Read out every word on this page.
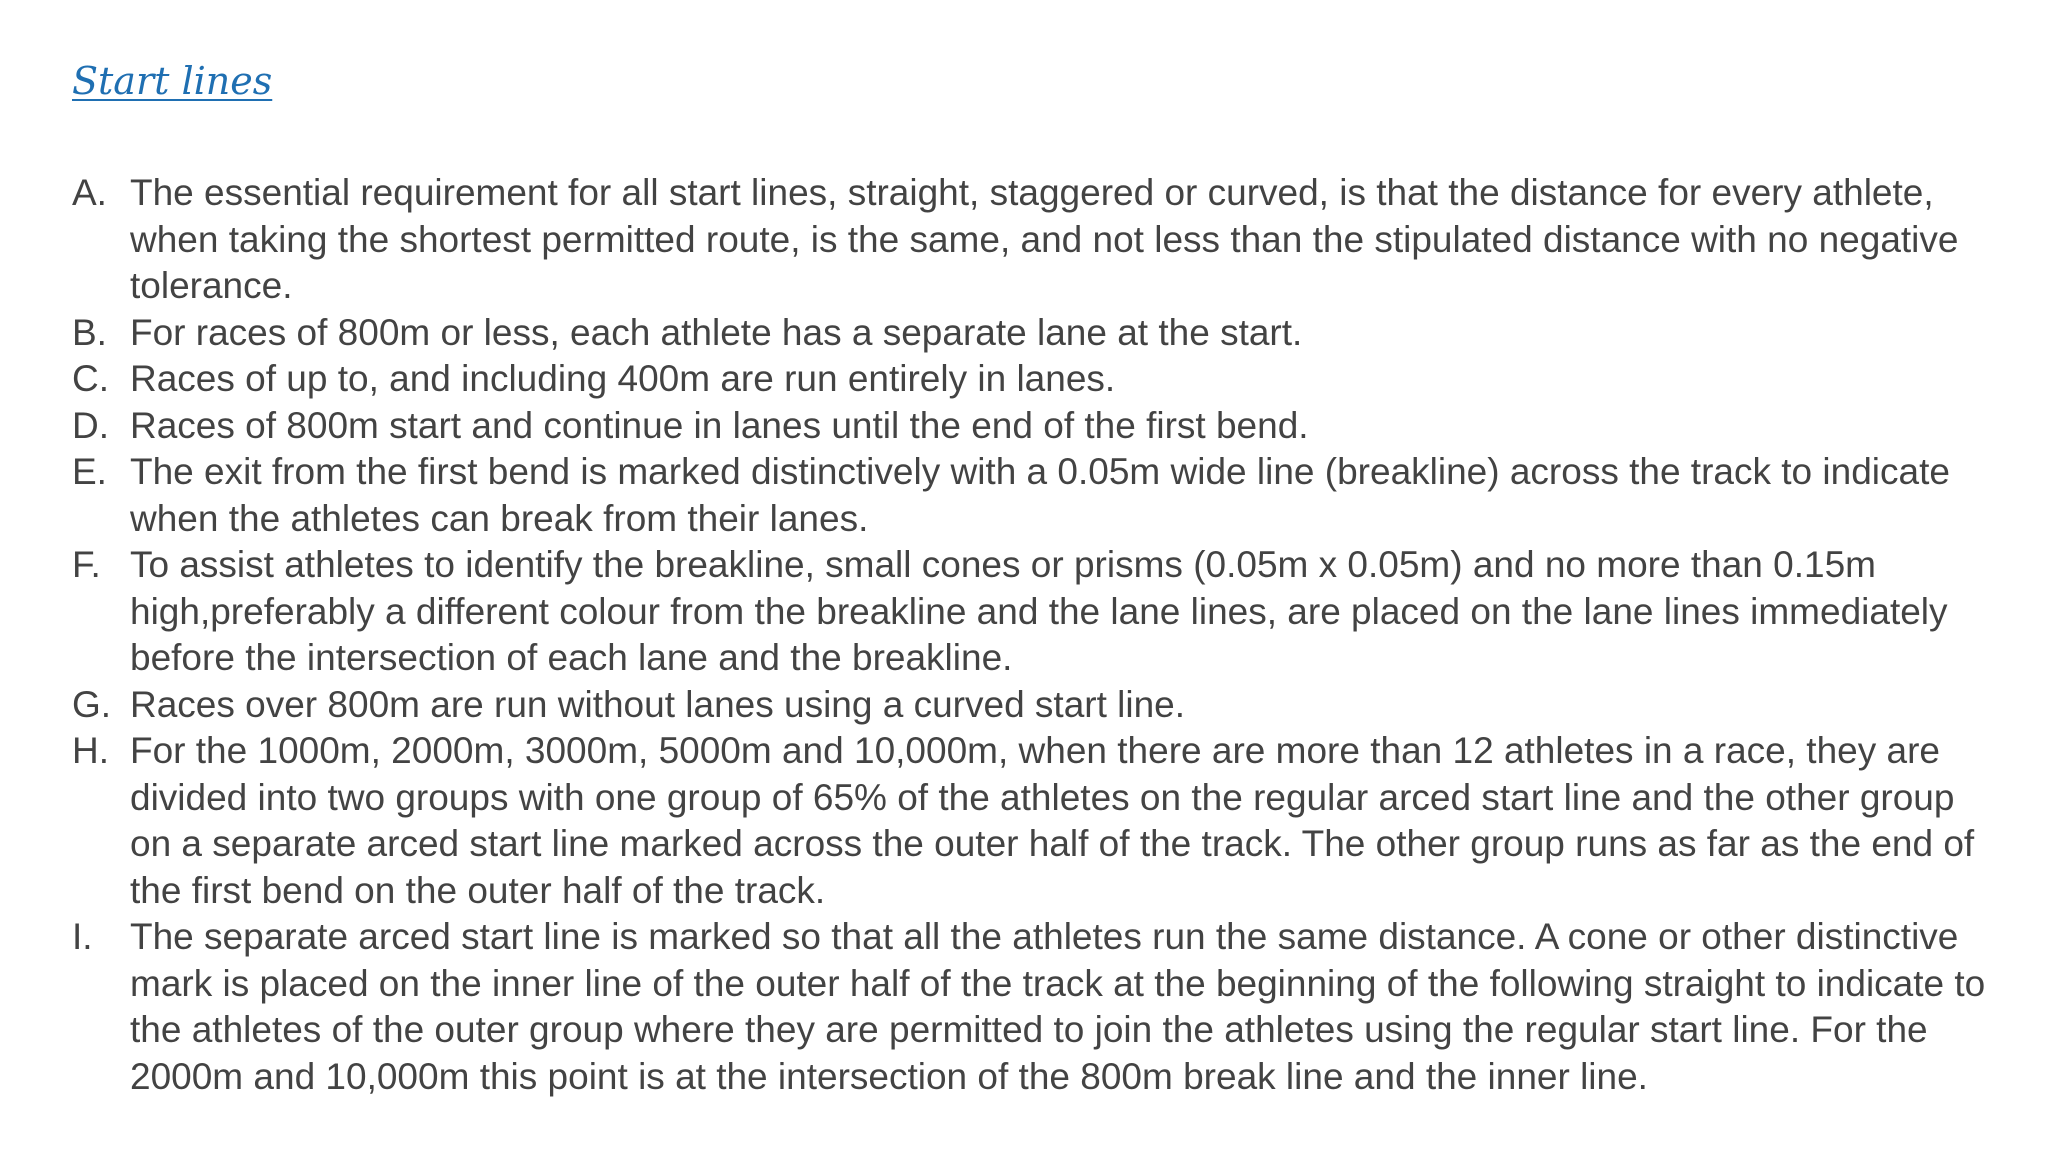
Start lines
A. The essential requirement for all start lines, straight, staggered or curved, is that the distance for every athlete, when taking the shortest permitted route, is the same, and not less than the stipulated distance with no negative tolerance.
B. For races of 800m or less, each athlete has a separate lane at the start.
C. Races of up to, and including 400m are run entirely in lanes.
D. Races of 800m start and continue in lanes until the end of the first bend.
E. The exit from the first bend is marked distinctively with a 0.05m wide line (breakline) across the track to indicate when the athletes can break from their lanes.
F. To assist athletes to identify the breakline, small cones or prisms (0.05m x 0.05m) and no more than 0.15m high,preferably a different colour from the breakline and the lane lines, are placed on the lane lines immediately before the intersection of each lane and the breakline.
G. Races over 800m are run without lanes using a curved start line.
H. For the 1000m, 2000m, 3000m, 5000m and 10,000m, when there are more than 12 athletes in a race, they are divided into two groups with one group of 65% of the athletes on the regular arced start line and the other group on a separate arced start line marked across the outer half of the track. The other group runs as far as the end of the first bend on the outer half of the track.
I. The separate arced start line is marked so that all the athletes run the same distance. A cone or other distinctive mark is placed on the inner line of the outer half of the track at the beginning of the following straight to indicate to the athletes of the outer group where they are permitted to join the athletes using the regular start line. For the 2000m and 10,000m this point is at the intersection of the 800m break line and the inner line.
